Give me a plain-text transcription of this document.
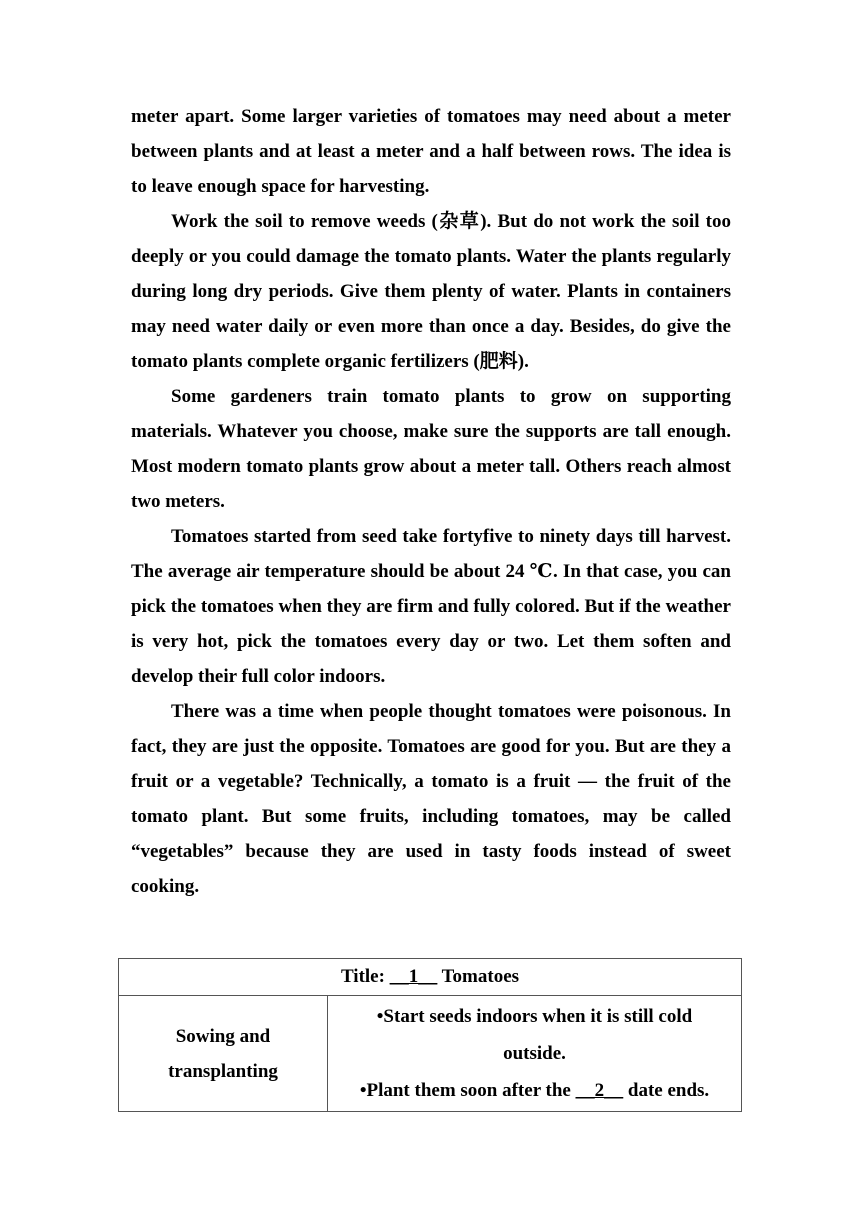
meter apart. Some larger varieties of tomatoes may need about a meter between plants and at least a meter and a half between rows. The idea is to leave enough space for harvesting.

Work the soil to remove weeds (杂草). But do not work the soil too deeply or you could damage the tomato plants. Water the plants regularly during long dry periods. Give them plenty of water. Plants in containers may need water daily or even more than once a day. Besides, do give the tomato plants complete organic fertilizers (肥料).

Some gardeners train tomato plants to grow on supporting materials. Whatever you choose, make sure the supports are tall enough. Most modern tomato plants grow about a meter tall. Others reach almost two meters.

Tomatoes started from seed take fortyfive to ninety days till harvest. The average air temperature should be about 24 ℃. In that case, you can pick the tomatoes when they are firm and fully colored. But if the weather is very hot, pick the tomatoes every day or two. Let them soften and develop their full color indoors.

There was a time when people thought tomatoes were poisonous. In fact, they are just the opposite. Tomatoes are good for you. But are they a fruit or a vegetable? Technically, a tomato is a fruit — the fruit of the tomato plant. But some fruits, including tomatoes, may be called “vegetables” because they are used in tasty foods instead of sweet cooking.

Title: __1__ Tomatoes

Sowing and
transplanting

•Start seeds indoors when it is still cold outside.
•Plant them soon after the __2__ date ends.
